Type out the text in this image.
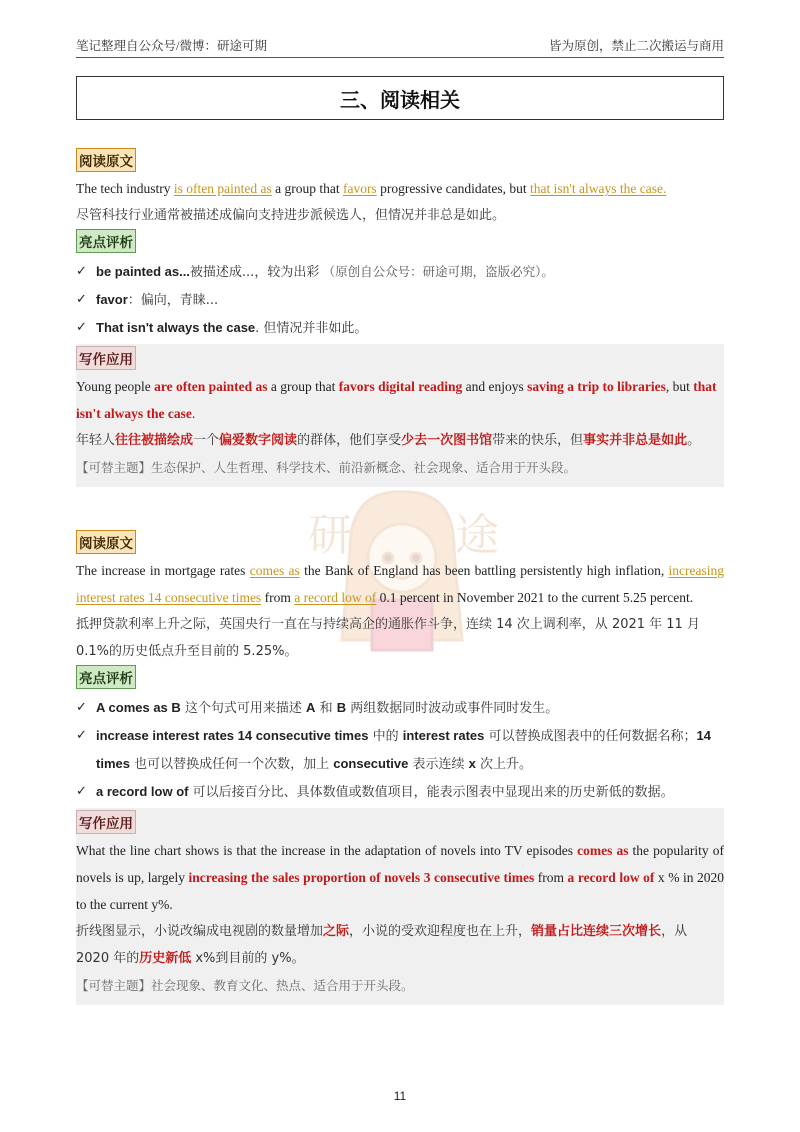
笔记整理自公众号/微博：研途可期	皆为原创，禁止二次搬运与商用
三、阅读相关
研 途
阅读原文

The tech industry is often painted as a group that favors progressive candidates, but that isn't always the case.

尽管科技行业通常被描述成偏向支持进步派候选人，但情况并非总是如此。

亮点评析
✓ be painted as...被描述成...，较为出彩 （原创自公众号：研途可期，盗版必究）。
✓ favor：偏向，青睐...
✓ That isn't always the case. 但情况并非如此。
写作应用

Young people are often painted as a group that favors digital reading and enjoys saving a trip to libraries, but that isn't always the case.

年轻人往往被描绘成一个偏爱数字阅读的群体，他们享受少去一次图书馆带来的快乐，但事实并非总是如此。

【可替主题】生态保护、人生哲理、科学技术、前沿新概念、社会现象、适合用于开头段。

阅读原文

The increase in mortgage rates comes as the Bank of England has been battling persistently high inflation, increasing interest rates 14 consecutive times from a record low of 0.1 percent in November 2021 to the current 5.25 percent.

抵押贷款利率上升之际，英国央行一直在与持续高企的通胀作斗争，连续 14 次上调利率，从 2021 年 11 月 0.1%的历史低点升至目前的 5.25%。

亮点评析
✓ A comes as B 这个句式可用来描述 A 和 B 两组数据同时波动或事件同时发生。
✓ increase interest rates 14 consecutive times 中的 interest rates 可以替换成图表中的任何数据名称；14 times 也可以替换成任何一个次数，加上 consecutive 表示连续 x 次上升。
✓ a record low of 可以后接百分比、具体数值或数值项目，能表示图表中显现出来的历史新低的数据。
写作应用

What the line chart shows is that the increase in the adaptation of novels into TV episodes comes as the popularity of novels is up, largely increasing the sales proportion of novels 3 consecutive times from a record low of x % in 2020 to the current y%.

折线图显示，小说改编成电视剧的数量增加之际，小说的受欢迎程度也在上升，销量占比连续三次增长，从 2020 年的历史新低 x%到目前的 y%。

【可替主题】社会现象、教育文化、热点、适合用于开头段。

11
